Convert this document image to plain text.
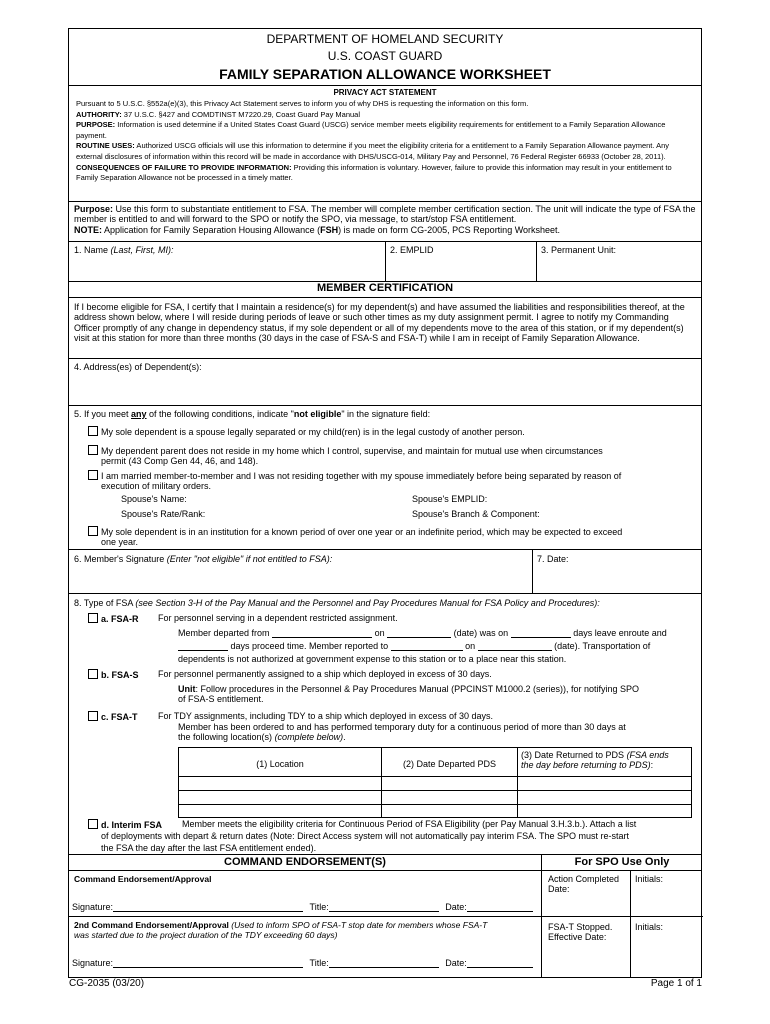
DEPARTMENT OF HOMELAND SECURITY
U.S. COAST GUARD
FAMILY SEPARATION ALLOWANCE WORKSHEET
PRIVACY ACT STATEMENT
Pursuant to 5 U.S.C. §552a(e)(3), this Privacy Act Statement serves to inform you of why DHS is requesting the information on this form.
AUTHORITY: 37 U.S.C. §427 and COMDTINST M7220.29, Coast Guard Pay Manual
PURPOSE: Information is used determine if a United States Coast Guard (USCG) service member meets eligibility requirements for entitlement to a Family Separation Allowance payment.
ROUTINE USES: Authorized USCG officials will use this information to determine if you meet the eligibility criteria for a entitlement to a Family Separation Allowance payment. Any external disclosures of information within this record will be made in accordance with DHS/USCG-014, Military Pay and Personnel, 76 Federal Register 66933 (October 28, 2011).
CONSEQUENCES OF FAILURE TO PROVIDE INFORMATION: Providing this information is voluntary. However, failure to provide this information may result in your entitlement to Family Separation Allowance not be processed in a timely matter.
Purpose: Use this form to substantiate entitlement to FSA. The member will complete member certification section. The unit will indicate the type of FSA the member is entitled to and will forward to the SPO or notify the SPO, via message, to start/stop FSA entitlement.
NOTE: Application for Family Separation Housing Allowance (FSH) is made on form CG-2005, PCS Reporting Worksheet.
1. Name (Last, First, MI):	2. EMPLID	3. Permanent Unit:
MEMBER CERTIFICATION
If I become eligible for FSA, I certify that I maintain a residence(s) for my dependent(s) and have assumed the liabilities and responsibilities thereof, at the address shown below, where I will reside during periods of leave or such other times as my duty assignment permit. I agree to notify my Commanding Officer promptly of any change in dependency status, if my sole dependent or all of my dependents move to the area of this station, or if my dependent(s) visit at this station for more than three months (30 days in the case of FSA-S and FSA-T) while I am in receipt of Family Separation Allowance.
4. Address(es) of Dependent(s):
5. If you meet any of the following conditions, indicate "not eligible" in the signature field:
My sole dependent is a spouse legally separated or my child(ren) is in the legal custody of another person.
My dependent parent does not reside in my home which I control, supervise, and maintain for mutual use when circumstances
permit (43 Comp Gen 44, 46, and 148).
I am married member-to-member and I was not residing together with my spouse immediately before being separated by reason of
execution of military orders.
Spouse's Name:	Spouse's EMPLID:
Spouse's Rate/Rank:	Spouse's Branch & Component:
My sole dependent is in an institution for a known period of over one year or an indefinite period, which may be expected to exceed
one year.
6. Member's Signature (Enter "not eligible" if not entitled to FSA):	7. Date:
8. Type of FSA (see Section 3-H of the Pay Manual and the Personnel and Pay Procedures Manual for FSA Policy and Procedures):
a. FSA-R For personnel serving in a dependent restricted assignment.
Member departed from	on	(date) was on	days leave enroute and
days proceed time. Member reported to	on	(date). Transportation of
dependents is not authorized at government expense to this station or to a place near this station.
b. FSA-S For personnel permanently assigned to a ship which deployed in excess of 30 days.
Unit: Follow procedures in the Personnel & Pay Procedures Manual (PPCINST M1000.2 (series)), for notifying SPO
of FSA-S entitlement.
c. FSA-T For TDY assignments, including TDY to a ship which deployed in excess of 30 days.
Member has been ordered to and has performed temporary duty for a continuous period of more than 30 days at
the following location(s) (complete below).
(1) Location	(2) Date Departed PDS
(3) Date Returned to PDS (FSA ends
the day before returning to PDS):
d. Interim FSA Member meets the eligibility criteria for Continuous Period of FSA Eligibility (per Pay Manual 3.H.3.b.). Attach a list
of deployments with depart & return dates (Note: Direct Access system will not automatically pay interim FSA. The SPO must re-start
the FSA the day after the last FSA entitlement ended).
COMMAND ENDORSEMENT(S)	For SPO Use Only
Command Endorsement/Approval
Signature:	Title:	Date:
2nd Command Endorsement/Approval (Used to inform SPO of FSA-T stop date for members whose FSA-T
was started due to the project duration of the TDY exceeding 60 days)
Signature:	Title:	Date:
Action Completed
Date:
Initials:
FSA-T Stopped.
Effective Date:
Initials:
CG-2035 (03/20)	Page 1 of 1
